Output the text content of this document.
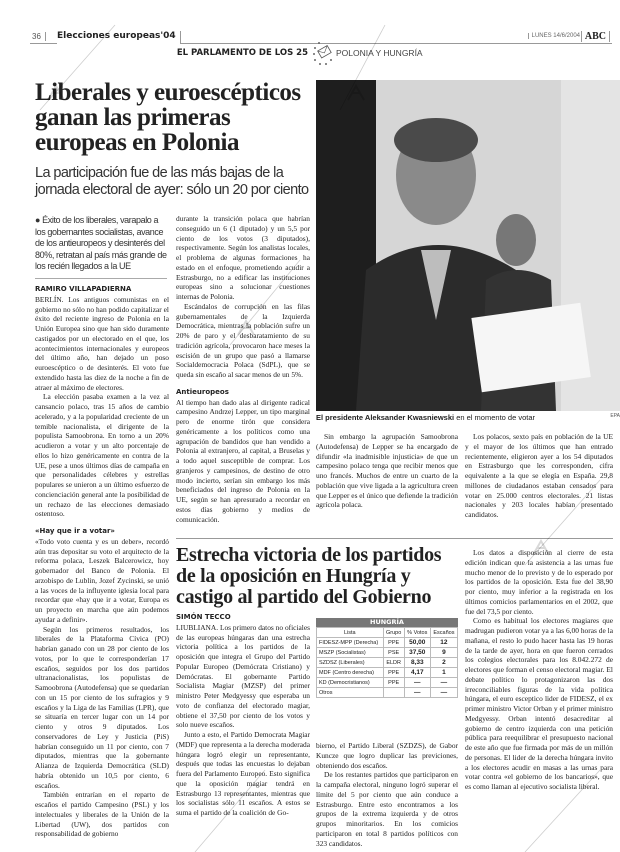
36	Elecciones europeas'04	LUNES 14/6/2004 ABC
EL PARLAMENTO DE LOS 25	POLONIA Y HUNGRÍA
Liberales y euroescépticos ganan las primeras europeas en Polonia
La participación fue de las más bajas de la jornada electoral de ayer: sólo un 20 por ciento
● Éxito de los liberales, varapalo a los gobernantes socialistas, avance de los antieuropeos y desinterés del 80%, retratan al país más grande de los recién llegados a la UE
RAMIRO VILLAPADIERNA

BERLÍN. Los antiguos comunistas en el gobierno no sólo no han podido capitalizar el éxito del reciente ingreso de Polonia en la Unión Europea sino que han sido duramente castigados por un electorado en el que, los acontecimientos internacionales y europeos del último año, han dejado un poso euroescéptico o de desinterés. El voto fue extendido hasta las diez de la noche a fin de atraer al máximo de electores.

La elección pasaba examen a la vez al cansancio polaco, tras 15 años de cambio acelerado, y a la popularidad creciente de un temible nacionalista, el dirigente de la populista Samoobrona. En torno a un 20% acudieron a votar y un alto porcentaje de ellos lo hizo genéricamente en contra de la UE, pese a unos últimos días de campaña en que personalidades célebres y estrellas populares se unieron a un último esfuerzo de concienciación general ante la posibilidad de un rechazo de las elecciones demasiado ostentoso.

«Hay que ir a votar»

«Todo voto cuenta y es un deber», recordó aún tras depositar su voto el arquitecto de la reforma polaca, Leszek Balcerowicz, hoy gobernador del Banco de Polonia. El arzobispo de Lublin, Jozef Zycinski, se unió a las voces de la influyente iglesia local para recordar que «hay que ir a votar, Europa es un proyecto en marcha que aún podemos ayudar a definir».

Según los primeros resultados, los liberales de la Plataforma Cívica (PO) habrían ganado con un 28 por ciento de los votos, por lo que le corresponderían 17 escaños, seguidos por los dos partidos ultranacionalistas, los populistas de Samoobrona (Autodefensa) que se quedarían con un 15 por ciento de los sufragios y 9 escaños y la Liga de las Familias (LPR), que se situaría en tercer lugar con un 14 por ciento y otros 9 diputados. Los conservadores de Ley y Justicia (PiS) habrían conseguido un 11 por ciento, con 7 diputados, mientras que la gobernante Alianza de Izquierda Democrática (SLD) habría obtenido un 10,5 por ciento, 6 escaños.

También entrarían en el reparto de escaños el partido Campesino (PSL) y los intelectuales y liberales de la Unión de la Libertad (UW), dos partidos con responsabilidad de gobierno

durante la transición polaca que habrían conseguido un 6 (1 diputado) y un 5,5 por ciento de los votos (3 diputados), respectivamente. Según los analistas locales, el problema de algunas formaciones ha estado en el enfoque, prometiendo acudir a Estrasburgo, no a edificar las instituciones europeas sino a solucionar cuestiones internas de Polonia.

Escándalos de corrupción en las filas gubernamentales de la Izquierda Democrática, mientras la población sufre un 20% de paro y el desbaratamiento de su tradición agrícola, provocaron hace meses la escisión de un grupo que pasó a llamarse Socialdemocracia Polaca (SdPL), que se queda sin escaño al sacar menos de un 5%.

Antieuropeos

Al tiempo han dado alas al dirigente radical campesino Andrzej Lepper, un tipo marginal pero de enorme tirón que considera genéricamente a los políticos como una agrupación de bandidos que han vendido a Polonia al extranjero, al capital, a Bruselas y a todo aquel susceptible de comprar. Los granjeros y campesinos, de destino de otro modo incierto, serían sin embargo los más beneficiados del ingreso de Polonia en la UE, según se han apresurado a recordar en estos días gobierno y medios de comunicación.

El presidente Aleksander Kwasniewski en el momento de votar	EPA

Sin embargo la agrupación Samoobrona (Autodefensa) de Lepper se ha encargado de difundir «la inadmisible injusticia» de que un campesino polaco tenga que recibir menos que uno francés. Muchos de entre un cuarto de la población que vive ligada a la agricultura creen que Lepper es el único que defiende la tradición agrícola polaca.

Los polacos, sexto país en población de la UE y el mayor de los últimos que han entrado recientemente, eligieron ayer a los 54 diputados en Estrasburgo que les corresponden, cifra equivalente a la que se elegía en España. 29,8 millones de ciudadanos estaban censados para votar en 25.000 centros electorales. 21 listas nacionales y 203 locales habían presentado candidatos.

Estrecha victoria de los partidos de la oposición en Hungría y castigo al partido del Gobierno
SIMÓN TECCO

LIUBLIANA. Los primero datos no oficiales de las europeas húngaras dan una estrecha victoria política a los partidos de la oposición que integra el Grupo del Partido Popular Europeo (Demócrata Cristiano) y Demócratas. El gobernante Partido Socialista Magiar (MZSP) del primer ministro Peter Medgyessy que esperaba un voto de confianza del electorado magiar, obtiene el 37,50 por ciento de los votos y solo nueve escaños.

Junto a esto, el Partido Democrata Magiar (MDF) que representa a la derecha moderada húngara logró elegir un representante, después que todas las encuestas lo dejaban fuera del Parlamento Europeo. Esto significa que la oposición magiar tendrá en Estrasburgo 13 representantes, mientras que los socialistas sólo 11 escaños. A estos se suma el partido de la coalición de Go-

HUNGRÍA
Lista	Grupo	% Votos	Escaños
FIDESZ-MPP (Derecha)	PPE	50,00	12
MSZP (Socialistas)	PSE	37,50	9
SZDSZ (Liberales)	ELDR	8,33	2
MDF (Centro derecha)	PPE	4,17	1
KD (Democristianos)	PPE	—	—
Otros		—	—

bierno, el Partido Liberal (SZDZS), de Gabor Kuncze que logro duplicar las previciones, obteniendo dos escaños.

De los restantes partidos que participaron en la campaña electoral, ninguno logró superar el límite del 5 por ciento que aún conduce a Estrasburgo. Entre esto encontramos a los grupos de la extrema izquierda y de otros grupos minoritarios. En los comicios participaron en total 8 partidos políticos con 323 candidatos.

Los datos a disposición al cierre de esta edición indican que la asistencia a las urnas fue mucho menor de lo previsto y de lo esperado por los partidos de la oposición. Esta fue del 38,90 por ciento, muy inferior a la registrada en los últimos comicios parlamentarios en el 2002, que fue del 73,5 por ciento.

Como es habitual los electores magiares que madrugan pudieron votar ya a las 6,00 horas de la mañana, el resto lo pudo hacer hasta las 19 horas de la tarde de ayer, hora en que fueron cerrados los colegios electorales para los 8.042.272 de electores que forman el censo electoral magiar. El debate político lo protagonizaron las dos irreconciliables figuras de la vida política húngara, el euro esceptico lider de FIDESZ, el ex primer ministro Victor Orban y el primer ministro Medgyessy. Orban intentó desacreditar al gobierno de centro izquierda con una petición pública para reequilibrar el presupuesto nacional de este año que fue firmada por más de un millón de personas. El lider de la derecha húngara invito a los electores acudir en masas a las urnas para votar contra «el gobierno de los bancarios», que es como llaman al ejecutivo socialista liberal.
